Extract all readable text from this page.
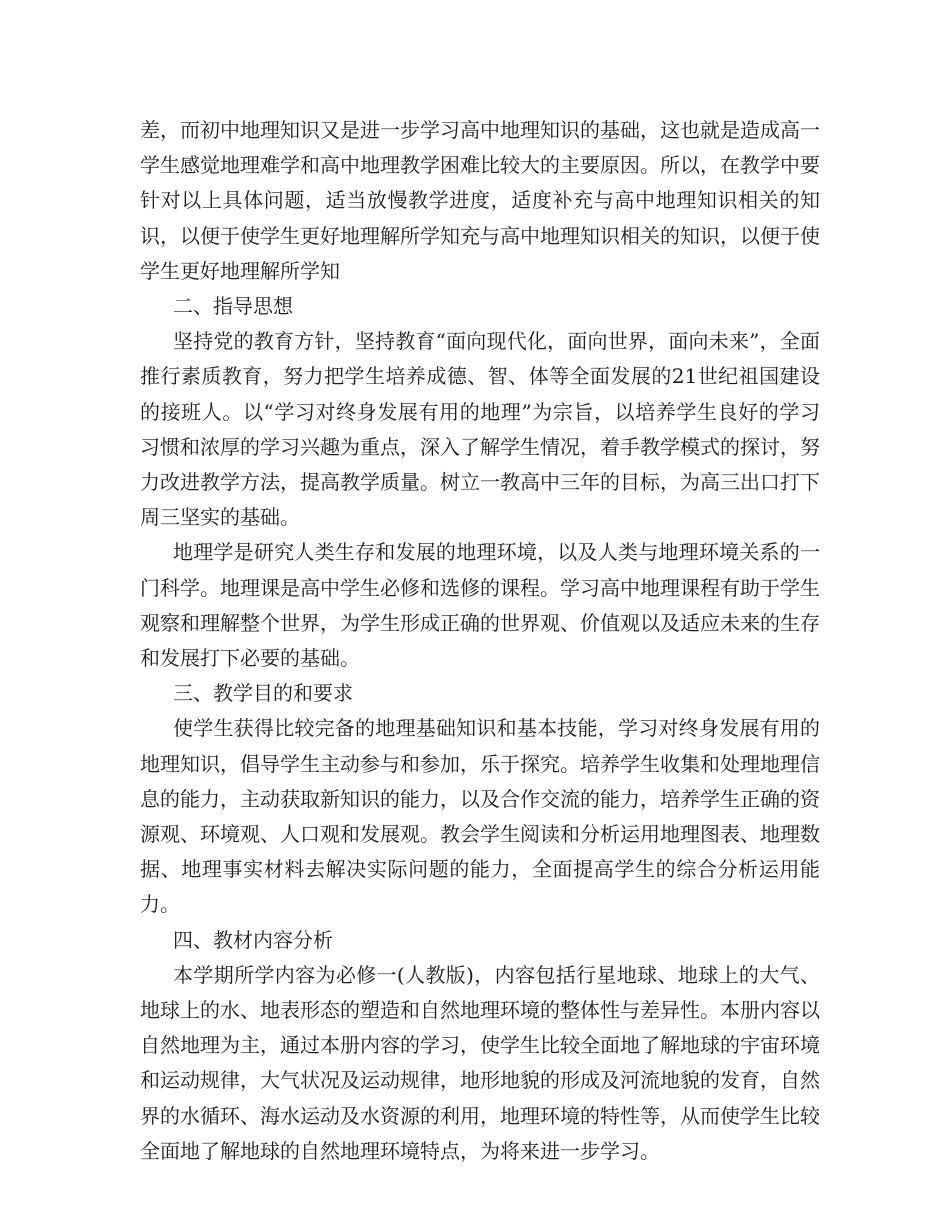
差，而初中地理知识又是进一步学习高中地理知识的基础，这也就是造成高一学生感觉地理难学和高中地理教学困难比较大的主要原因。所以，在教学中要针对以上具体问题，适当放慢教学进度，适度补充与高中地理知识相关的知识，以便于使学生更好地理解所学知充与高中地理知识相关的知识，以便于使学生更好地理解所学知

二、指导思想

坚持党的教育方针，坚持教育“面向现代化，面向世界，面向未来”，全面推行素质教育，努力把学生培养成德、智、体等全面发展的21世纪祖国建设的接班人。以“学习对终身发展有用的地理”为宗旨，以培养学生良好的学习习惯和浓厚的学习兴趣为重点，深入了解学生情况，着手教学模式的探讨，努力改进教学方法，提高教学质量。树立一教高中三年的目标，为高三出口打下周三坚实的基础。

地理学是研究人类生存和发展的地理环境，以及人类与地理环境关系的一门科学。地理课是高中学生必修和选修的课程。学习高中地理课程有助于学生观察和理解整个世界，为学生形成正确的世界观、价值观以及适应未来的生存和发展打下必要的基础。

三、教学目的和要求

使学生获得比较完备的地理基础知识和基本技能，学习对终身发展有用的地理知识，倡导学生主动参与和参加，乐于探究。培养学生收集和处理地理信息的能力，主动获取新知识的能力，以及合作交流的能力，培养学生正确的资源观、环境观、人口观和发展观。教会学生阅读和分析运用地理图表、地理数据、地理事实材料去解决实际问题的能力，全面提高学生的综合分析运用能力。

四、教材内容分析

本学期所学内容为必修一(人教版)，内容包括行星地球、地球上的大气、地球上的水、地表形态的塑造和自然地理环境的整体性与差异性。本册内容以自然地理为主，通过本册内容的学习，使学生比较全面地了解地球的宇宙环境和运动规律，大气状况及运动规律，地形地貌的形成及河流地貌的发育，自然界的水循环、海水运动及水资源的利用，地理环境的特性等，从而使学生比较全面地了解地球的自然地理环境特点，为将来进一步学习。
